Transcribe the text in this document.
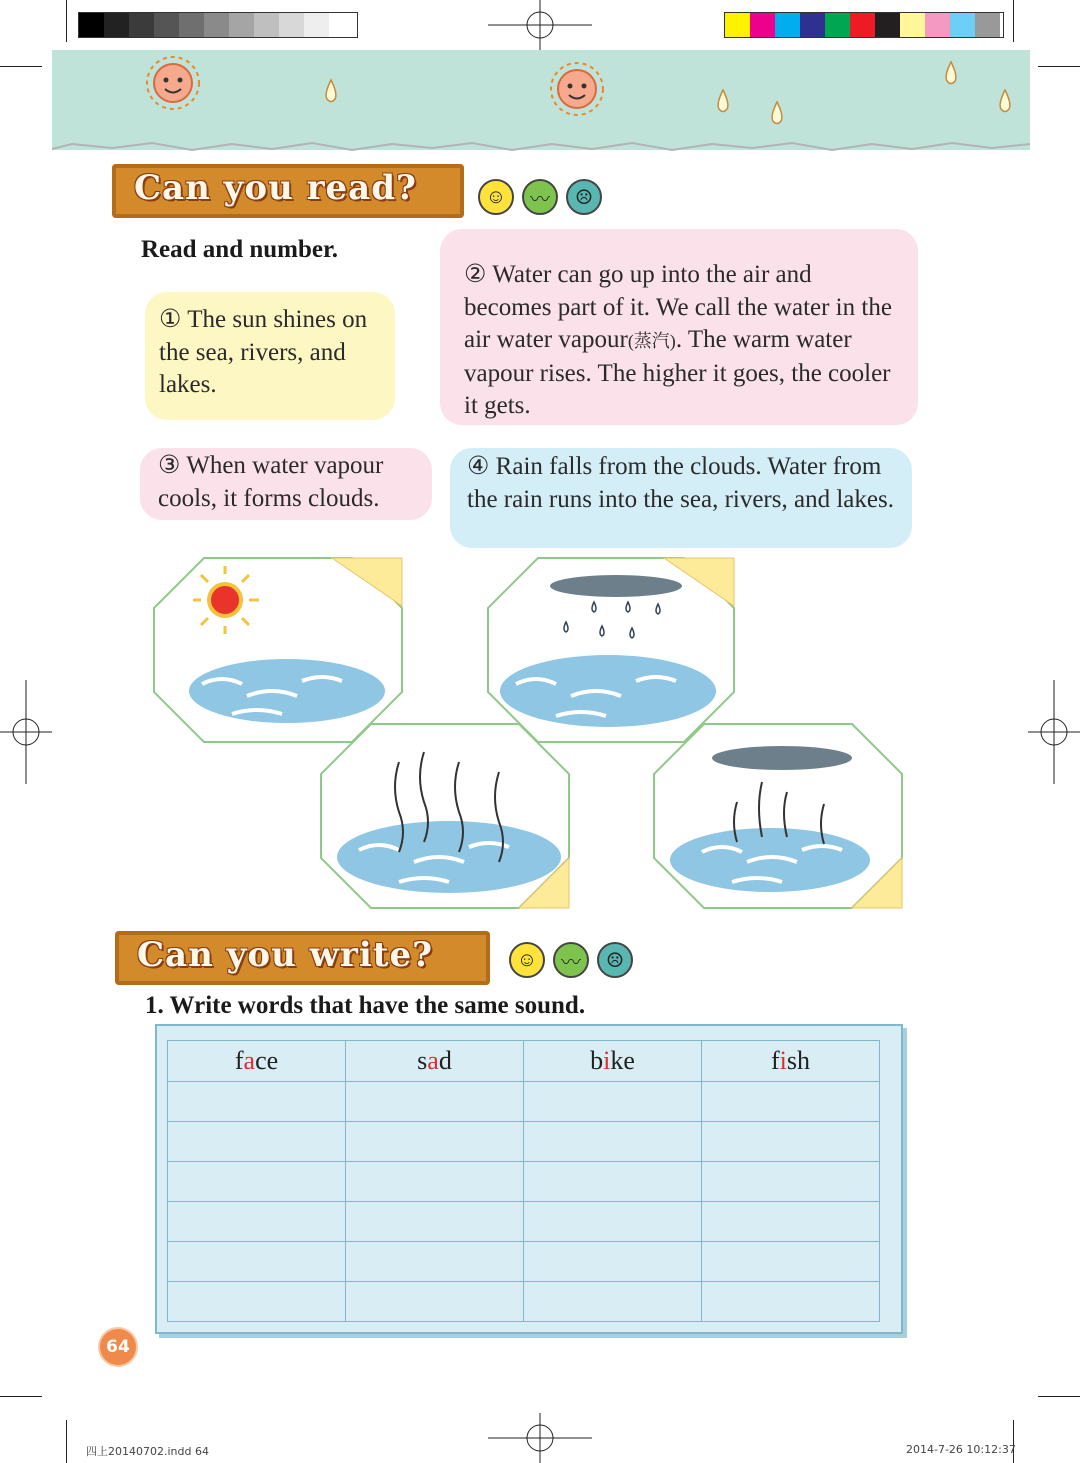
Can you read?	☺	〰	☹
Read and number.
① The sun shines on the sea, rivers, and lakes.
② Water can go up into the air and becomes part of it. We call the water in the air water vapour(蒸汽). The warm water vapour rises. The higher it goes, the cooler it gets.
③ When water vapour cools, it forms clouds.
④ Rain falls from the clouds. Water from the rain runs into the sea, rivers, and lakes.
Can you write?	☺	〰	☹
1. Write words that have the same sound.
face	sad	bike	fish

64
四上20140702.indd 64	2014-7-26 10:12:37
